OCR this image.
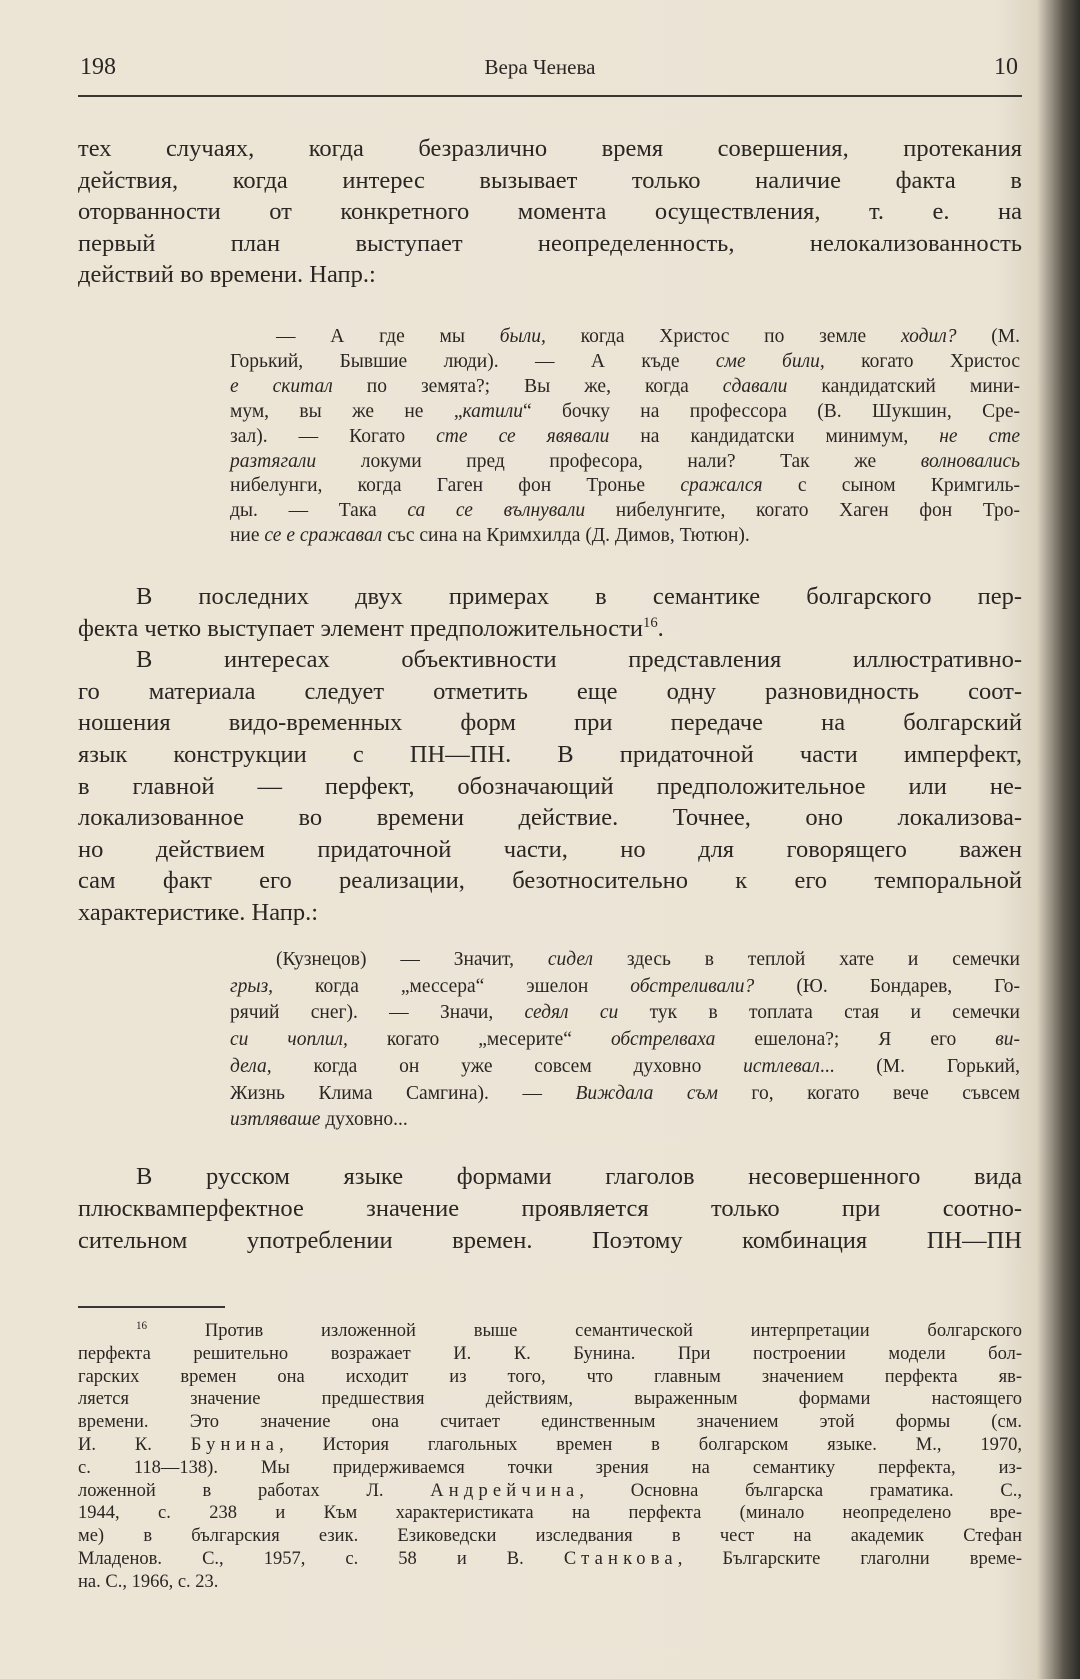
198	Вера Ченева	10
тех случаях, когда безразлично время совершения, протекания
действия, когда интерес вызывает только наличие факта в
оторванности от конкретного момента осуществления, т. е. на
первый план выступает неопределенность, нелокализованность
действий во времени. Напр.:
— А где мы были, когда Христос по земле ходил? (М.
Горький, Бывшие люди). — А къде сме били, когато Христос
е скитал по земята?; Вы же, когда сдавали кандидатский мини-
мум, вы же не „катили“ бочку на профессора (В. Шукшин, Сре-
зал). — Когато сте се явявали на кандидатски минимум, не сте
разтягали локуми пред професора, нали? Так же волновались
нибелунги, когда Гаген фон Тронье сражался с сыном Кримгиль-
ды. — Така са се вълнували нибелунгите, когато Хаген фон Тро-
ние се е сражавал със сина на Кримхилда (Д. Димов, Тютюн).
В последних двух примерах в семантике болгарского пер-
фекта четко выступает элемент предположительности$^{16}$.
В интересах объективности представления иллюстративно-
го материала следует отметить еще одну разновидность соот-
ношения видо-временных форм при передаче на болгарский
язык конструкции с ПН—ПН. В придаточной части имперфект,
в главной — перфект, обозначающий предположительное или не-
локализованное во времени действие. Точнее, оно локализова-
но действием придаточной части, но для говорящего важен
сам факт его реализации, безотносительно к его темпоральной
характеристике. Напр.:
(Кузнецов) — Значит, сидел здесь в теплой хате и семечки
грыз, когда „мессера“ эшелон обстреливали? (Ю. Бондарев, Го-
рячий снег). — Значи, седял си тук в топлата стая и семечки
си чоплил, когато „месерите“ обстрелваха ешелона?; Я его ви-
дела, когда он уже совсем духовно истлевал... (М. Горький,
Жизнь Клима Самгина). — Виждала съм го, когато вече съвсем
изтляваше духовно...
В русском языке формами глаголов несовершенного вида
плюсквамперфектное значение проявляется только при соотно-
сительном употреблении времен. Поэтому комбинация ПН—ПН
$^{16}$ Против изложенной выше семантической интерпретации болгарского
перфекта решительно возражает И. К. Бунина. При построении модели бол-
гарских времен она исходит из того, что главным значением перфекта яв-
ляется значение предшествия действиям, выраженным формами настоящего
времени. Это значение она считает единственным значением этой формы (см.
И. К. Бунина, История глагольных времен в болгарском языке. М., 1970,
с. 118—138). Мы придерживаемся точки зрения на семантику перфекта, из-
ложенной в работах Л. Андрейчина, Основна българска граматика. С.,
1944, с. 238 и Към характеристиката на перфекта (минало неопределено вре-
ме) в българския език. Езиковедски изследвания в чест на академик Стефан
Младенов. С., 1957, с. 58 и В. Станкова, Българските глаголни време-
на. С., 1966, с. 23.
